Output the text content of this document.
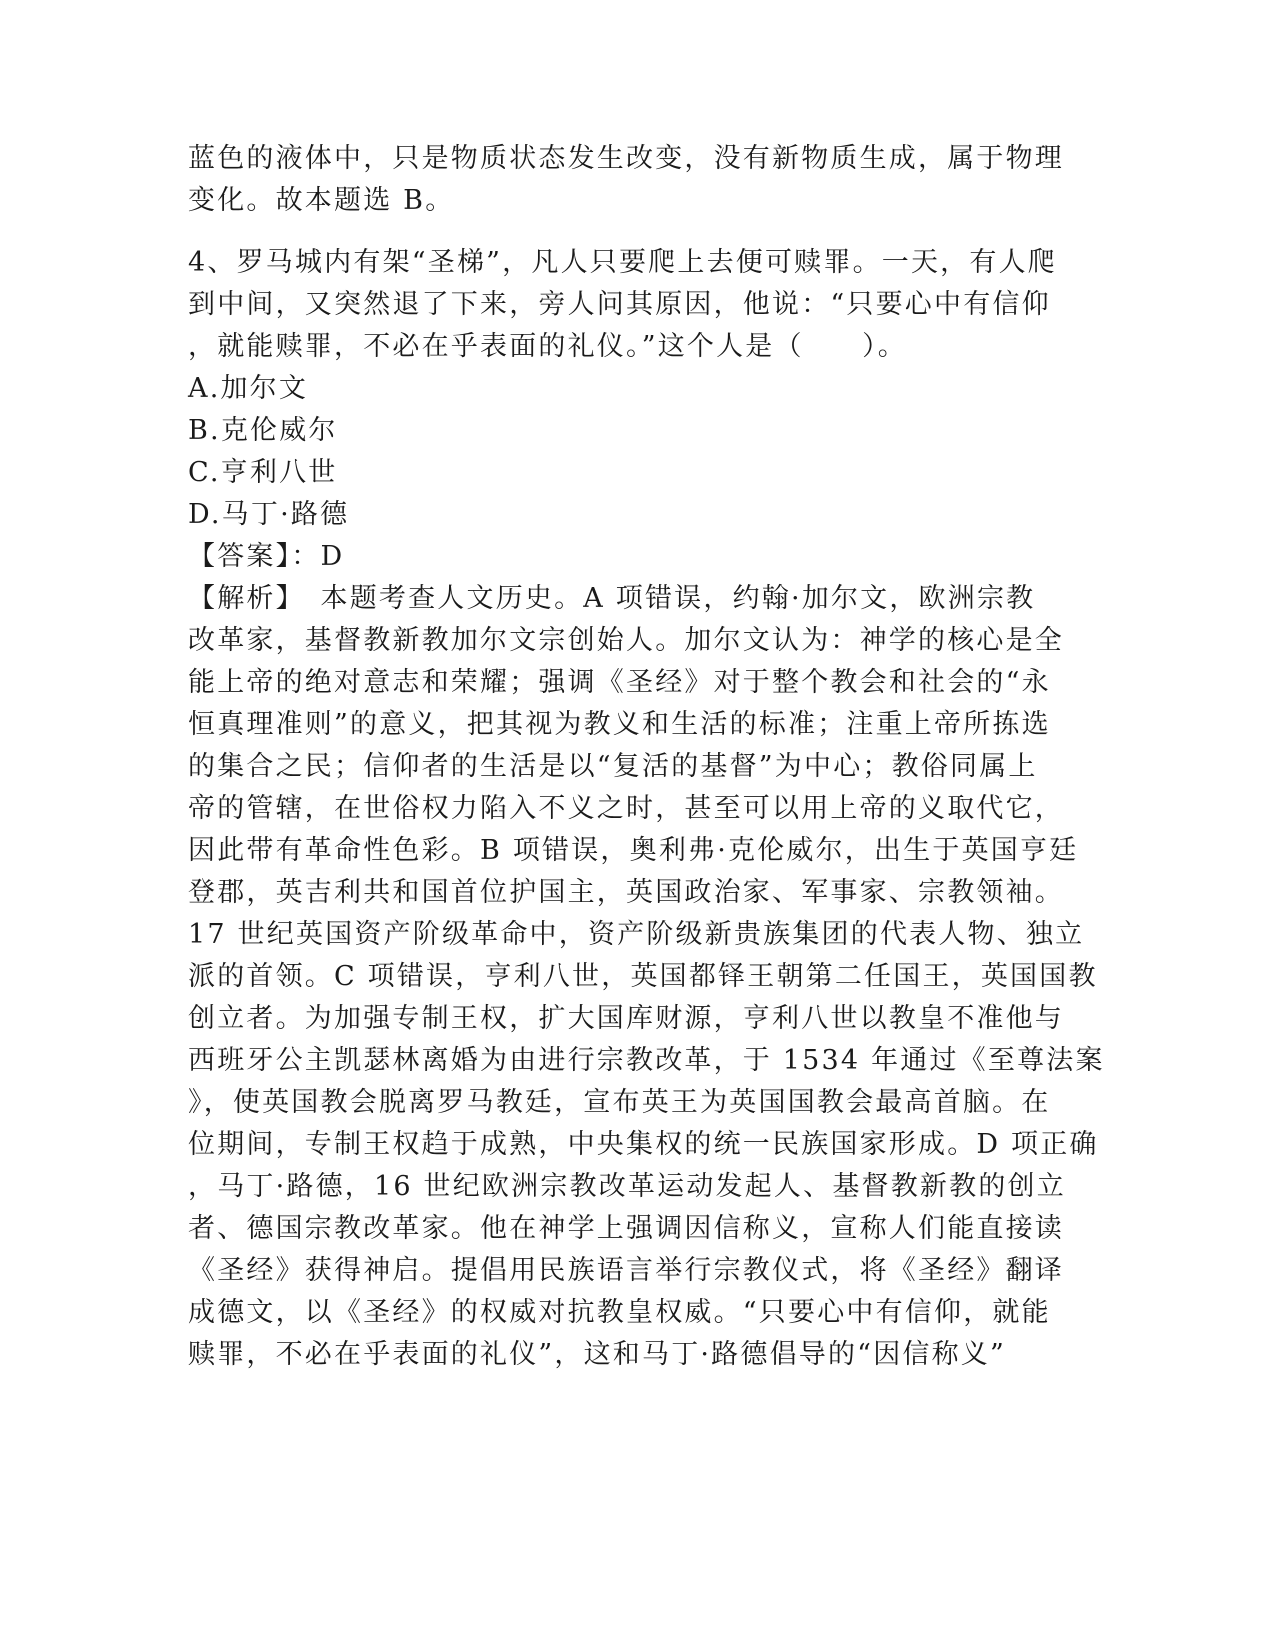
蓝色的液体中，只是物质状态发生改变，没有新物质生成，属于物理
变化。故本题选 B。
4、罗马城内有架“圣梯”，凡人只要爬上去便可赎罪。一天，有人爬
到中间，又突然退了下来，旁人问其原因，他说：“只要心中有信仰
，就能赎罪，不必在乎表面的礼仪。”这个人是（　　）。
A.加尔文
B.克伦威尔
C.亨利八世
D.马丁·路德
【答案】：D
【解析】　本题考查人文历史。A 项错误，约翰·加尔文，欧洲宗教
改革家，基督教新教加尔文宗创始人。加尔文认为：神学的核心是全
能上帝的绝对意志和荣耀；强调《圣经》对于整个教会和社会的“永
恒真理准则”的意义，把其视为教义和生活的标准；注重上帝所拣选
的集合之民；信仰者的生活是以“复活的基督”为中心；教俗同属上
帝的管辖，在世俗权力陷入不义之时，甚至可以用上帝的义取代它，
因此带有革命性色彩。B 项错误，奥利弗·克伦威尔，出生于英国亨廷
登郡，英吉利共和国首位护国主，英国政治家、军事家、宗教领袖。
17 世纪英国资产阶级革命中，资产阶级新贵族集团的代表人物、独立
派的首领。C 项错误，亨利八世，英国都铎王朝第二任国王，英国国教
创立者。为加强专制王权，扩大国库财源，亨利八世以教皇不准他与
西班牙公主凯瑟林离婚为由进行宗教改革，于 1534 年通过《至尊法案
》，使英国教会脱离罗马教廷，宣布英王为英国国教会最高首脑。在
位期间，专制王权趋于成熟，中央集权的统一民族国家形成。D 项正确
，马丁·路德，16 世纪欧洲宗教改革运动发起人、基督教新教的创立
者、德国宗教改革家。他在神学上强调因信称义，宣称人们能直接读
《圣经》获得神启。提倡用民族语言举行宗教仪式，将《圣经》翻译
成德文，以《圣经》的权威对抗教皇权威。“只要心中有信仰，就能
赎罪，不必在乎表面的礼仪”，这和马丁·路德倡导的“因信称义”
